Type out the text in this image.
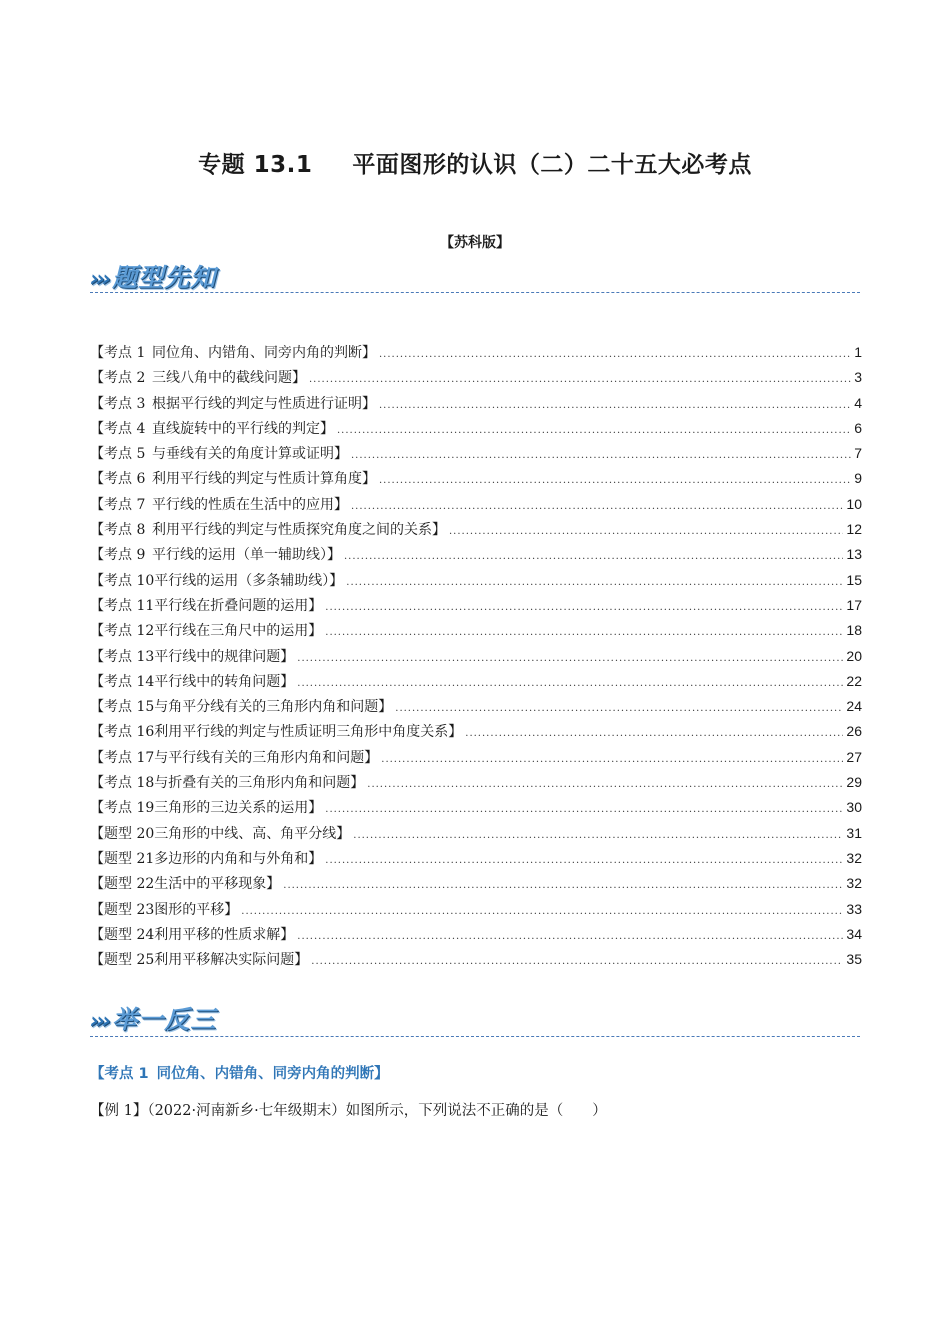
专题 13.1 平面图形的认识（二）二十五大必考点
【苏科版】
››› 题型先知
【考点 1 同位角、内错角、同旁内角的判断】 .....	1
【考点 2 三线八角中的截线问题】 .....	3
【考点 3 根据平行线的判定与性质进行证明】 .....	4
【考点 4 直线旋转中的平行线的判定】 .....	6
【考点 5 与垂线有关的角度计算或证明】 .....	7
【考点 6 利用平行线的判定与性质计算角度】 .....	9
【考点 7 平行线的性质在生活中的应用】 .....	10
【考点 8 利用平行线的判定与性质探究角度之间的关系】 .....	12
【考点 9 平行线的运用（单一辅助线）】 .....	13
【考点 10平行线的运用（多条辅助线）】 .....	15
【考点 11平行线在折叠问题的运用】 .....	17
【考点 12平行线在三角尺中的运用】 .....	18
【考点 13平行线中的规律问题】 .....	20
【考点 14平行线中的转角问题】 .....	22
【考点 15与角平分线有关的三角形内角和问题】 .....	24
【考点 16利用平行线的判定与性质证明三角形中角度关系】 .....	26
【考点 17与平行线有关的三角形内角和问题】 .....	27
【考点 18与折叠有关的三角形内角和问题】 .....	29
【考点 19三角形的三边关系的运用】 .....	30
【题型 20三角形的中线、高、角平分线】 .....	31
【题型 21多边形的内角和与外角和】 .....	32
【题型 22生活中的平移现象】 .....	32
【题型 23图形的平移】 .....	33
【题型 24利用平移的性质求解】 .....	34
【题型 25利用平移解决实际问题】 .....	35
››› 举一反三
【考点 1 同位角、内错角、同旁内角的判断】
【例 1】（2022·河南新乡·七年级期末）如图所示，下列说法不正确的是（　　）
